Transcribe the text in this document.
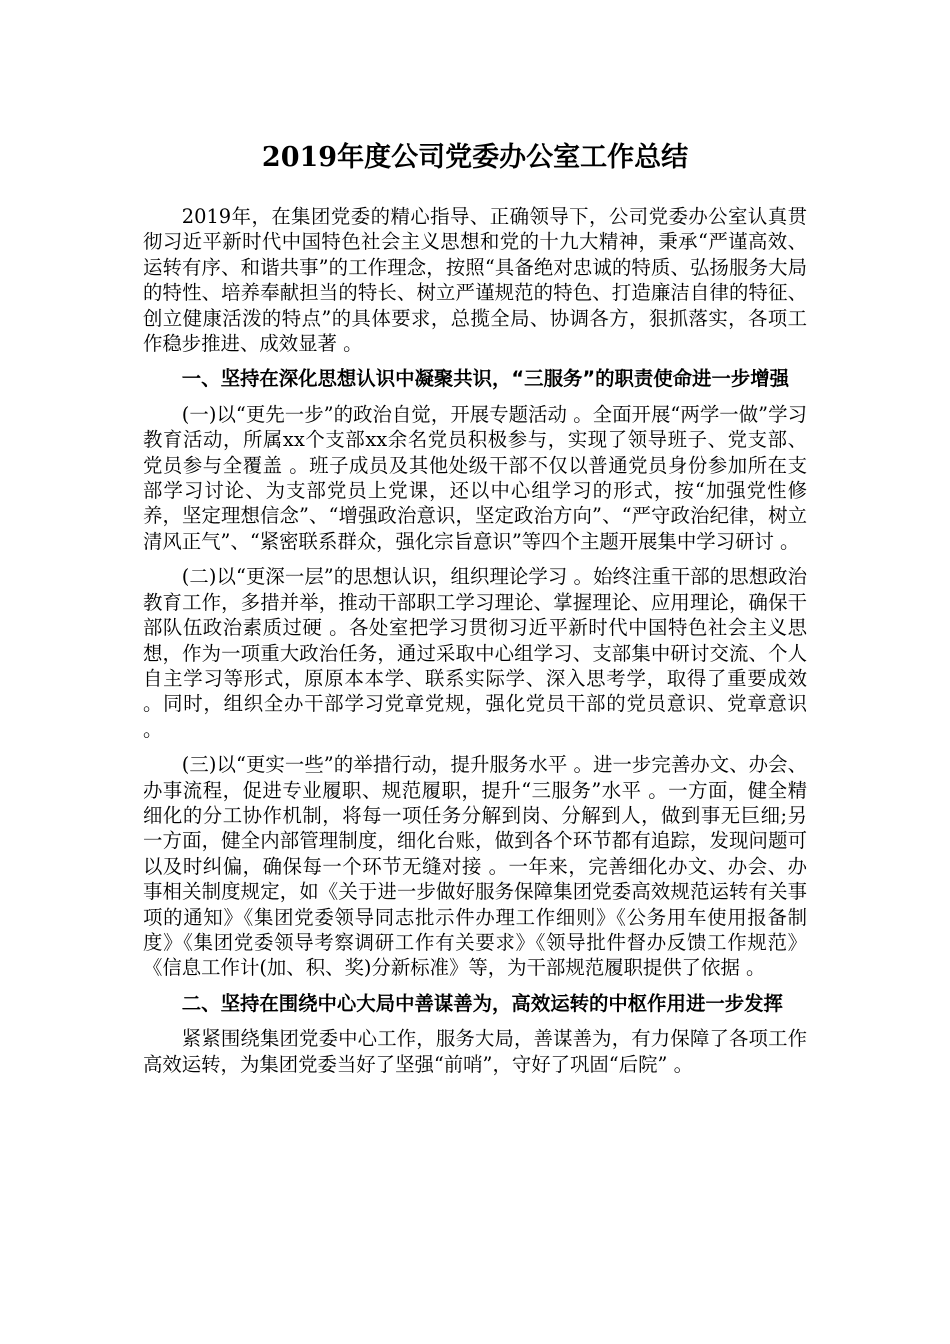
2019年度公司党委办公室工作总结

2019年，在集团党委的精心指导、正确领导下，公司党委办公室认真贯彻习近平新时代中国特色社会主义思想和党的十九大精神，秉承“严谨高效、运转有序、和谐共事”的工作理念，按照“具备绝对忠诚的特质、弘扬服务大局的特性、培养奉献担当的特长、树立严谨规范的特色、打造廉洁自律的特征、创立健康活泼的特点”的具体要求，总揽全局、协调各方，狠抓落实，各项工作稳步推进、成效显著 。

一、坚持在深化思想认识中凝聚共识，“三服务”的职责使命进一步增强

(一)以“更先一步”的政治自觉，开展专题活动 。全面开展“两学一做”学习教育活动，所属xx个支部xx余名党员积极参与，实现了领导班子、党支部、党员参与全覆盖 。班子成员及其他处级干部不仅以普通党员身份参加所在支部学习讨论、为支部党员上党课，还以中心组学习的形式，按“加强党性修养，坚定理想信念”、“增强政治意识，坚定政治方向”、“严守政治纪律，树立清风正气”、“紧密联系群众，强化宗旨意识”等四个主题开展集中学习研讨 。

(二)以“更深一层”的思想认识，组织理论学习 。始终注重干部的思想政治教育工作，多措并举，推动干部职工学习理论、掌握理论、应用理论，确保干部队伍政治素质过硬 。各处室把学习贯彻习近平新时代中国特色社会主义思想，作为一项重大政治任务，通过采取中心组学习、支部集中研讨交流、个人自主学习等形式，原原本本学、联系实际学、深入思考学，取得了重要成效 。同时，组织全办干部学习党章党规，强化党员干部的党员意识、党章意识 。

(三)以“更实一些”的举措行动，提升服务水平 。进一步完善办文、办会、办事流程，促进专业履职、规范履职，提升“三服务”水平 。一方面，健全精细化的分工协作机制，将每一项任务分解到岗、分解到人，做到事无巨细;另一方面，健全内部管理制度，细化台账，做到各个环节都有追踪，发现问题可以及时纠偏，确保每一个环节无缝对接 。一年来，完善细化办文、办会、办事相关制度规定，如《关于进一步做好服务保障集团党委高效规范运转有关事项的通知》《集团党委领导同志批示件办理工作细则》《公务用车使用报备制度》《集团党委领导考察调研工作有关要求》《领导批件督办反馈工作规范》《信息工作计(加、积、奖)分新标准》等，为干部规范履职提供了依据 。

二、坚持在围绕中心大局中善谋善为，高效运转的中枢作用进一步发挥

紧紧围绕集团党委中心工作，服务大局，善谋善为，有力保障了各项工作高效运转，为集团党委当好了坚强“前哨”，守好了巩固“后院” 。
